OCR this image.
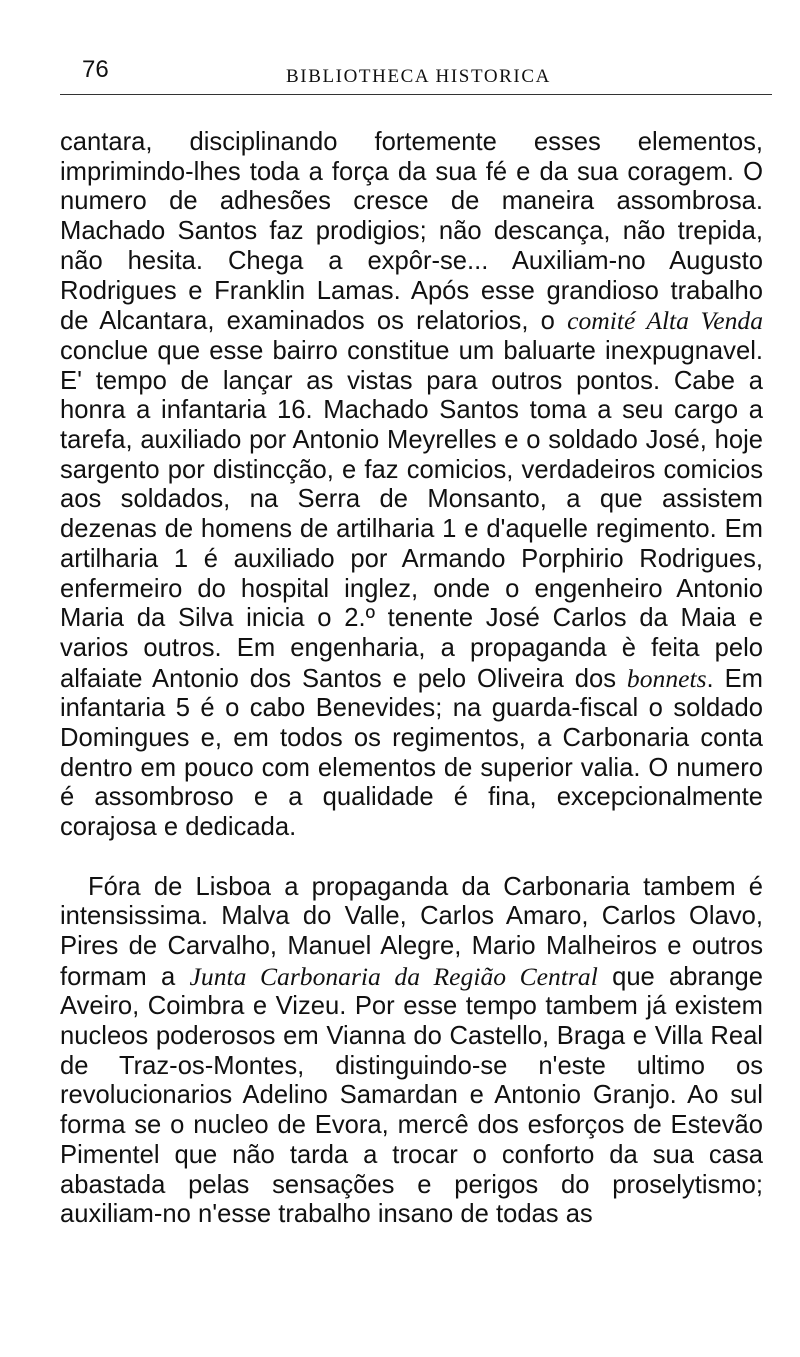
76	BIBLIOTHECA HISTORICA

cantara, disciplinando fortemente esses elementos, imprimindo-lhes toda a força da sua fé e da sua coragem. O numero de adhesões cresce de maneira assombrosa. Machado Santos faz prodigios; não descança, não trepida, não hesita. Chega a expôr-se... Auxiliam-no Augusto Rodrigues e Franklin Lamas. Após esse grandioso trabalho de Alcantara, examinados os relatorios, o comité Alta Venda conclue que esse bairro constitue um baluarte inexpugnavel. E' tempo de lançar as vistas para outros pontos. Cabe a honra a infantaria 16. Machado Santos toma a seu cargo a tarefa, auxiliado por Antonio Meyrelles e o soldado José, hoje sargento por distincção, e faz comicios, verdadeiros comicios aos soldados, na Serra de Monsanto, a que assistem dezenas de homens de artilharia 1 e d'aquelle regimento. Em artilharia 1 é auxiliado por Armando Porphirio Rodrigues, enfermeiro do hospital inglez, onde o engenheiro Antonio Maria da Silva inicia o 2.º tenente José Carlos da Maia e varios outros. Em engenharia, a propaganda è feita pelo alfaiate Antonio dos Santos e pelo Oliveira dos bonnets. Em infantaria 5 é o cabo Benevides; na guarda-fiscal o soldado Domingues e, em todos os regimentos, a Carbonaria conta dentro em pouco com elementos de superior valia. O numero é assombroso e a qualidade é fina, excepcionalmente corajosa e dedicada.

Fóra de Lisboa a propaganda da Carbonaria tambem é intensissima. Malva do Valle, Carlos Amaro, Carlos Olavo, Pires de Carvalho, Manuel Alegre, Mario Malheiros e outros formam a Junta Carbonaria da Região Central que abrange Aveiro, Coimbra e Vizeu. Por esse tempo tambem já existem nucleos poderosos em Vianna do Castello, Braga e Villa Real de Traz-os-Montes, distinguindo-se n'este ultimo os revolucionarios Adelino Samardan e Antonio Granjo. Ao sul forma se o nucleo de Evora, mercê dos esforços de Estevão Pimentel que não tarda a trocar o conforto da sua casa abastada pelas sensações e perigos do proselytismo; auxiliam-no n'esse trabalho insano de todas as
